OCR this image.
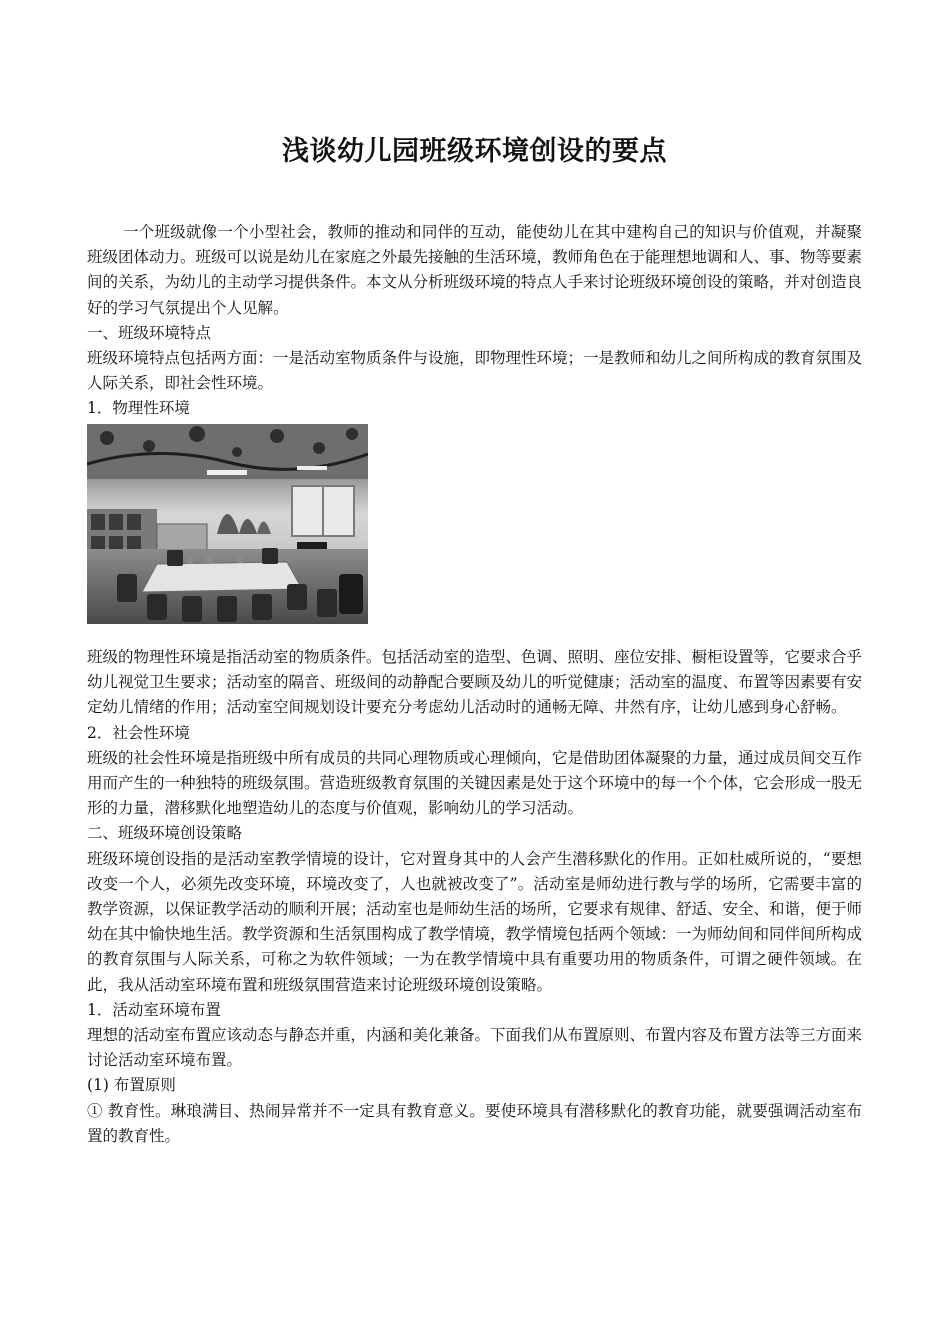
浅谈幼儿园班级环境创设的要点

一个班级就像一个小型社会，教师的推动和同伴的互动，能使幼儿在其中建构自己的知识与价值观，并凝聚班级团体动力。班级可以说是幼儿在家庭之外最先接触的生活环境，教师角色在于能理想地调和人、事、物等要素间的关系，为幼儿的主动学习提供条件。本文从分析班级环境的特点人手来讨论班级环境创设的策略，并对创造良好的学习气氛提出个人见解。

一、班级环境特点

班级环境特点包括两方面：一是活动室物质条件与设施，即物理性环境；一是教师和幼儿之间所构成的教育氛围及人际关系，即社会性环境。

1．物理性环境

班级的物理性环境是指活动室的物质条件。包括活动室的造型、色调、照明、座位安排、橱柜设置等，它要求合乎幼儿视觉卫生要求；活动室的隔音、班级间的动静配合要顾及幼儿的听觉健康；活动室的温度、布置等因素要有安定幼儿情绪的作用；活动室空间规划设计要充分考虑幼儿活动时的通畅无障、井然有序，让幼儿感到身心舒畅。

2．社会性环境

班级的社会性环境是指班级中所有成员的共同心理物质或心理倾向，它是借助团体凝聚的力量，通过成员间交互作用而产生的一种独特的班级氛围。营造班级教育氛围的关键因素是处于这个环境中的每一个个体，它会形成一股无形的力量，潜移默化地塑造幼儿的态度与价值观，影响幼儿的学习活动。

二、班级环境创设策略

班级环境创设指的是活动室教学情境的设计，它对置身其中的人会产生潜移默化的作用。正如杜威所说的，“要想改变一个人，必须先改变环境，环境改变了，人也就被改变了”。活动室是师幼进行教与学的场所，它需要丰富的教学资源，以保证教学活动的顺利开展；活动室也是师幼生活的场所，它要求有规律、舒适、安全、和谐，便于师幼在其中愉快地生活。教学资源和生活氛围构成了教学情境，教学情境包括两个领域：一为师幼间和同伴间所构成的教育氛围与人际关系，可称之为软件领域；一为在教学情境中具有重要功用的物质条件，可谓之硬件领域。在此，我从活动室环境布置和班级氛围营造来讨论班级环境创设策略。

1．活动室环境布置

理想的活动室布置应该动态与静态并重，内涵和美化兼备。下面我们从布置原则、布置内容及布置方法等三方面来讨论活动室环境布置。

(1) 布置原则

① 教育性。琳琅满目、热闹异常并不一定具有教育意义。要使环境具有潜移默化的教育功能，就要强调活动室布置的教育性。
